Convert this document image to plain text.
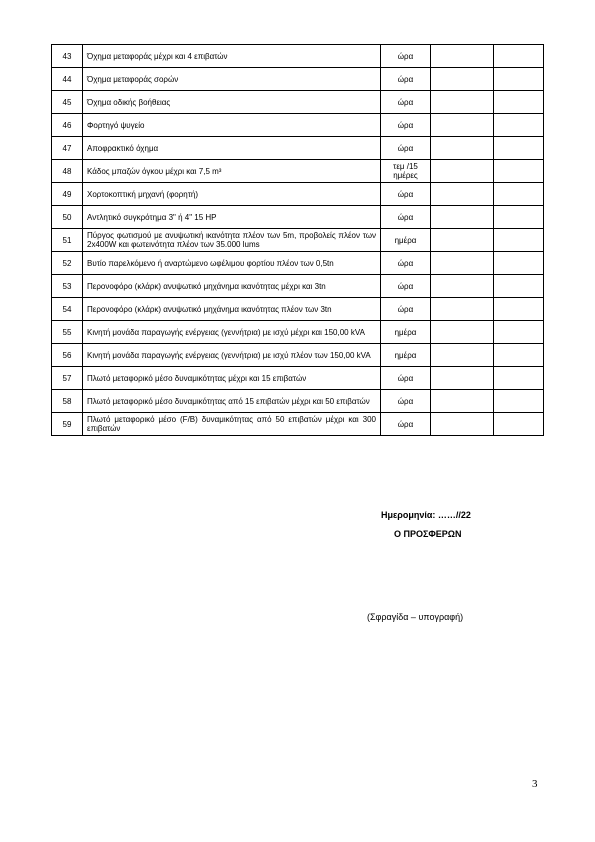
43	Όχημα μεταφοράς μέχρι και 4 επιβατών	ώρα		
44	Όχημα μεταφοράς σορών	ώρα		
45	Όχημα οδικής βοήθειας	ώρα		
46	Φορτηγό ψυγείο	ώρα		
47	Αποφρακτικό όχημα	ώρα		
48	Κάδος μπαζών όγκου μέχρι και 7,5 m³	τεμ /15 ημέρες		
49	Χορτοκοπτική μηχανή (φορητή)	ώρα		
50	Αντλητικό συγκρότημα 3" ή 4" 15 HP	ώρα		
51	Πύργος φωτισμού με ανυψωτική ικανότητα πλέον των 5m, προβολείς πλέον των 2x400W και φωτεινότητα πλέον των 35.000 lums	ημέρα		
52	Βυτίο παρελκόμενο ή αναρτώμενο ωφέλιμου φορτίου πλέον των 0,5tn	ώρα		
53	Περονοφόρο (κλάρκ) ανυψωτικό μηχάνημα ικανότητας μέχρι και 3tn	ώρα		
54	Περονοφόρο (κλάρκ) ανυψωτικό μηχάνημα ικανότητας πλέον των 3tn	ώρα		
55	Κινητή μονάδα παραγωγής ενέργειας (γεννήτρια) με ισχύ μέχρι και 150,00 kVA	ημέρα		
56	Κινητή μονάδα παραγωγής ενέργειας (γεννήτρια) με ισχύ πλέον των 150,00 kVA	ημέρα		
57	Πλωτό μεταφορικό μέσο δυναμικότητας μέχρι και 15 επιβατών	ώρα		
58	Πλωτό μεταφορικό μέσο δυναμικότητας από 15 επιβατών μέχρι και 50 επιβατών	ώρα		
59	Πλωτό μεταφορικό μέσο (F/B) δυναμικότητας από 50 επιβατών μέχρι και 300 επιβατών	ώρα		
Ημερομηνία: ……//22
Ο ΠΡΟΣΦΕΡΩΝ
(Σφραγίδα – υπογραφή)
3
